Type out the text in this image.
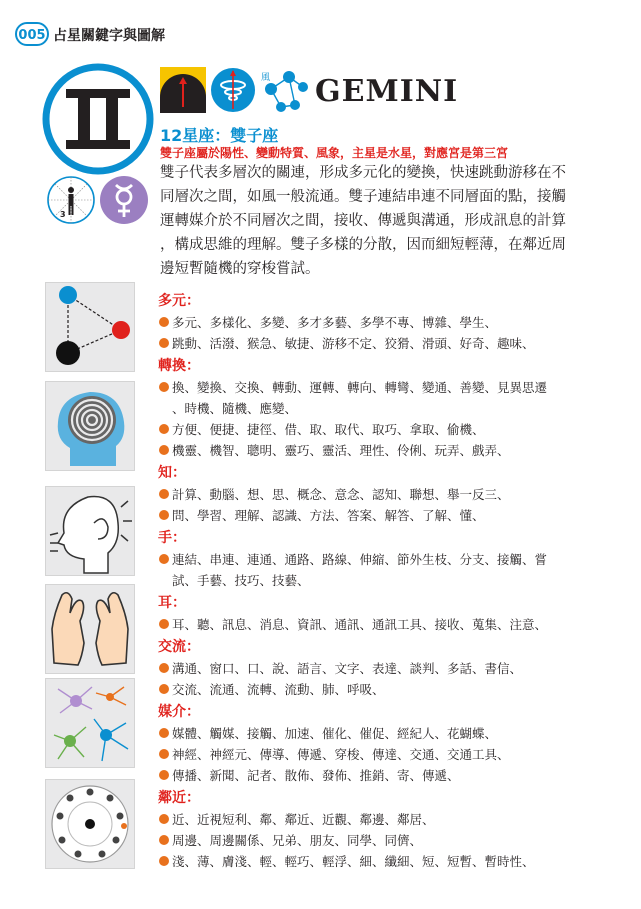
005 占星關鍵字與圖解
3
風 GEMINI
12星座：雙子座
雙子座屬於陽性、變動特質、風象，主星是水星，對應宮是第三宮
雙子代表多層次的關連，形成多元化的變換，快速跳動游移在不
同層次之間，如風一般流通。雙子連結串連不同層面的點，接觸
運轉媒介於不同層次之間，接收、傳遞與溝通，形成訊息的計算
，構成思維的理解。雙子多樣的分散，因而細短輕薄，在鄰近周
邊短暫隨機的穿梭嘗試。
多元：
多元、多樣化、多變、多才多藝、多學不專、博雜、學生、
跳動、活潑、猴急、敏捷、游移不定、狡猾、滑頭、好奇、趣味、
轉換：
換、變換、交換、轉動、運轉、轉向、轉彎、變通、善變、見異思遷
、時機、隨機、應變、
方便、便捷、捷徑、借、取、取代、取巧、拿取、偷機、
機靈、機智、聰明、靈巧、靈活、理性、伶俐、玩弄、戲弄、
知：
計算、動腦、想、思、概念、意念、認知、聯想、舉一反三、
問、學習、理解、認識、方法、答案、解答、了解、懂、
手：
連結、串連、連通、通路、路線、伸縮、節外生枝、分支、接觸、嘗
試、手藝、技巧、技藝、
耳：
耳、聽、訊息、消息、資訊、通訊、通訊工具、接收、蒐集、注意、
交流：
溝通、窗口、口、說、語言、文字、表達、談判、多話、書信、
交流、流通、流轉、流動、肺、呼吸、
媒介：
媒體、觸媒、接觸、加速、催化、催促、經紀人、花蝴蝶、
神經、神經元、傳導、傳遞、穿梭、傳達、交通、交通工具、
傳播、新聞、記者、散佈、發佈、推銷、寄、傳遞、
鄰近：
近、近視短利、鄰、鄰近、近觀、鄰邊、鄰居、
周邊、周邊關係、兄弟、朋友、同學、同儕、
淺、薄、膚淺、輕、輕巧、輕浮、細、纖細、短、短暫、暫時性、
